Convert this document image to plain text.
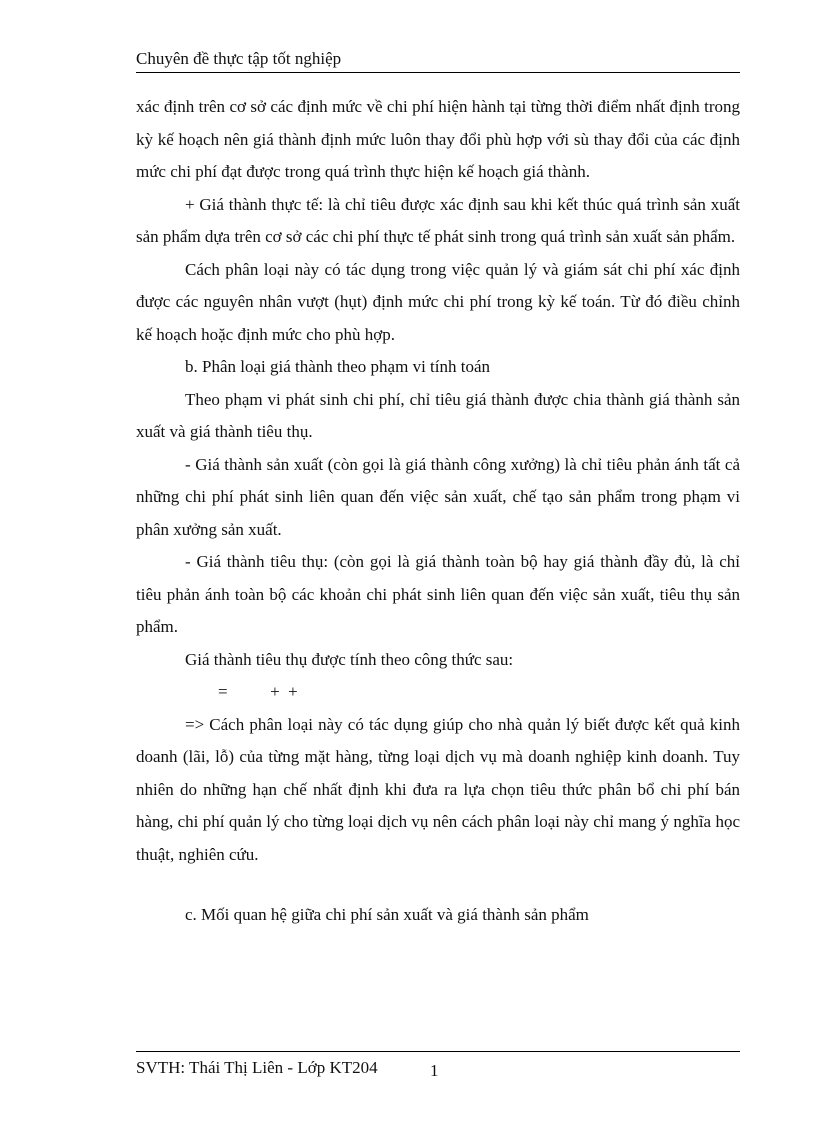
Chuyên đề thực tập tốt nghiệp

xác định trên cơ sở các định mức về chi phí hiện hành tại từng thời điểm nhất định trong kỳ kế hoạch nên giá thành định mức luôn thay đổi phù hợp với sù thay đổi của các định mức chi phí đạt được trong quá trình thực hiện kế hoạch giá thành.

+ Giá thành thực tế: là chỉ tiêu được xác định sau khi kết thúc quá trình sản xuất sản phẩm dựa trên cơ sở các chi phí thực tế phát sinh trong quá trình sản xuất sản phẩm.

Cách phân loại này có tác dụng trong việc quản lý và giám sát chi phí xác định được các nguyên nhân vượt (hụt) định mức chi phí trong kỳ kế toán. Từ đó điều chỉnh kế hoạch hoặc định mức cho phù hợp.

b. Phân loại giá thành theo phạm vi tính toán

Theo phạm vi phát sinh chi phí, chỉ tiêu giá thành được chia thành giá thành sản xuất và giá thành tiêu thụ.

- Giá thành sản xuất (còn gọi là giá thành công xưởng) là chỉ tiêu phản ánh tất cả những chi phí phát sinh liên quan đến việc sản xuất, chế tạo sản phẩm trong phạm vi phân xưởng sản xuất.

- Giá thành tiêu thụ: (còn gọi là giá thành toàn bộ hay giá thành đầy đủ, là chỉ tiêu phản ánh toàn bộ các khoản chi phát sinh liên quan đến việc sản xuất, tiêu thụ sản phẩm.

Giá thành tiêu thụ được tính theo công thức sau:

=          +  +

=> Cách phân loại này có tác dụng giúp cho nhà quản lý biết được kết quả kinh doanh (lãi, lỗ) của từng mặt hàng, từng loại dịch vụ mà doanh nghiệp kinh doanh. Tuy nhiên do những hạn chế nhất định khi đưa ra lựa chọn tiêu thức phân bổ chi phí bán hàng, chi phí quản lý cho từng loại dịch vụ nên cách phân loại này chỉ mang ý nghĩa học thuật, nghiên cứu.

c. Mối quan hệ giữa chi phí sản xuất và giá thành sản phẩm

SVTH: Thái Thị Liên - Lớp KT204	1
